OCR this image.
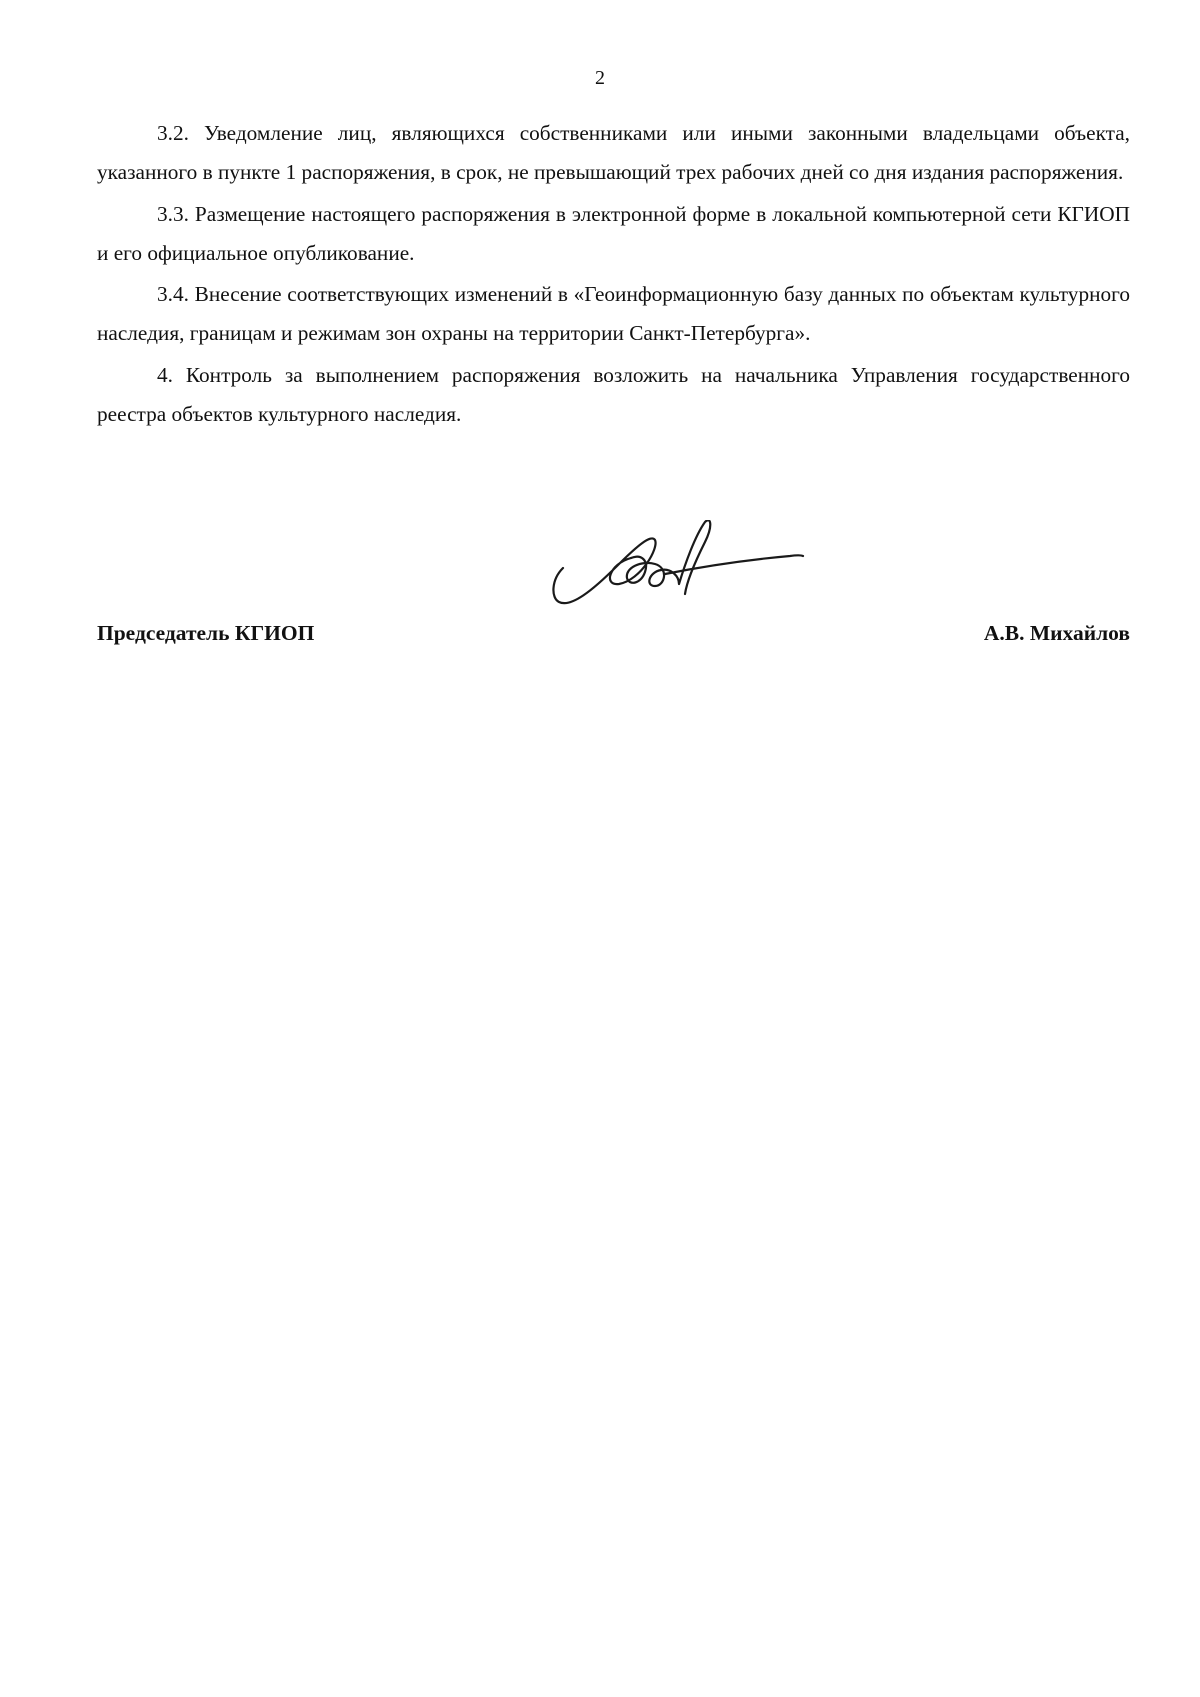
2

3.2. Уведомление лиц, являющихся собственниками или иными законными владельцами объекта, указанного в пункте 1 распоряжения, в срок, не превышающий трех рабочих дней со дня издания распоряжения.

3.3. Размещение настоящего распоряжения в электронной форме в локальной компьютерной сети КГИОП и его официальное опубликование.

3.4. Внесение соответствующих изменений в «Геоинформационную базу данных по объектам культурного наследия, границам и режимам зон охраны на территории Санкт-Петербурга».

4. Контроль за выполнением распоряжения возложить на начальника Управления государственного реестра объектов культурного наследия.

Председатель КГИОП	А.В. Михайлов
